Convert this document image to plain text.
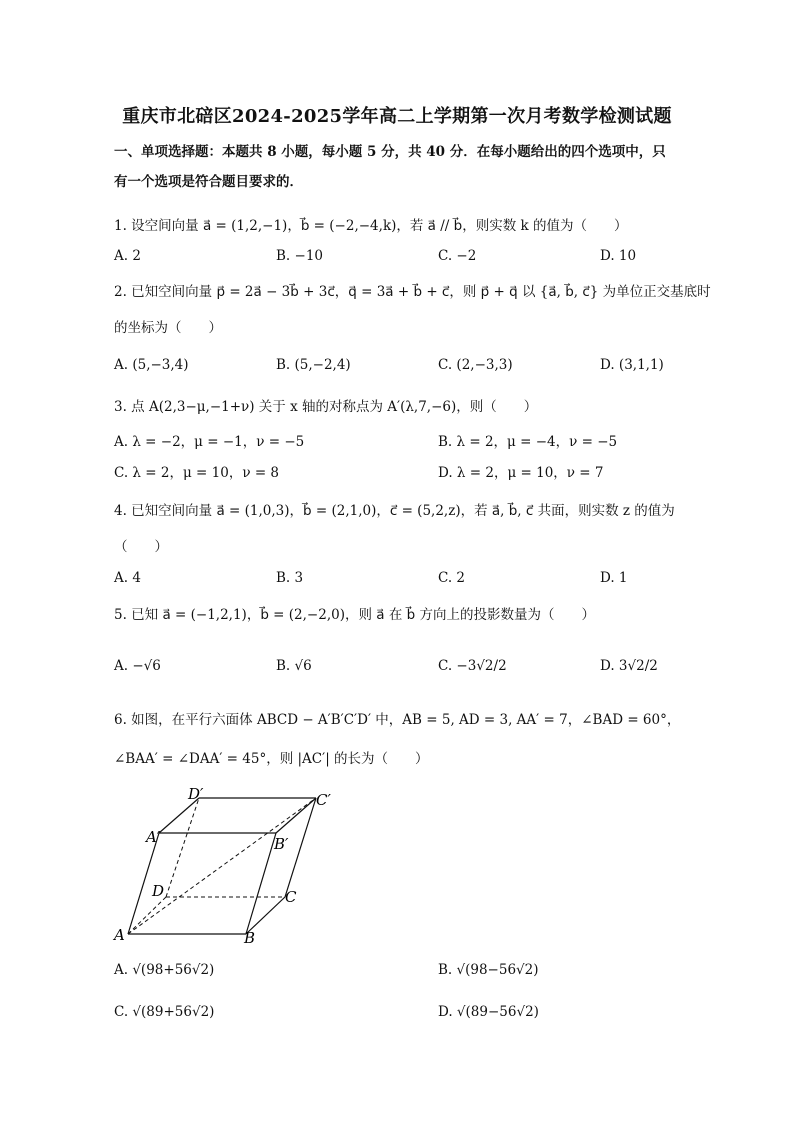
重庆市北碚区2024-2025学年高二上学期第一次月考数学检测试题
一、单项选择题：本题共 8 小题，每小题 5 分，共 40 分．在每小题给出的四个选项中，只
有一个选项是符合题目要求的．
1. 设空间向量 a⃗ = (1,2,−1)，b⃗ = (−2,−4,k)，若 a⃗ // b⃗，则实数 k 的值为（　　）
A. 2	B. −10	C. −2	D. 10
2. 已知空间向量 p⃗ = 2a⃗ − 3b⃗ + 3c⃗，q⃗ = 3a⃗ + b⃗ + c⃗，则 p⃗ + q⃗ 以 {a⃗, b⃗, c⃗} 为单位正交基底时
的坐标为（　　）
A. (5,−3,4)	B. (5,−2,4)	C. (2,−3,3)	D. (3,1,1)
3. 点 A(2,3−μ,−1+ν) 关于 x 轴的对称点为 A′(λ,7,−6)，则（　　）
A. λ = −2，μ = −1，ν = −5	B. λ = 2，μ = −4，ν = −5
C. λ = 2，μ = 10，ν = 8	D. λ = 2，μ = 10，ν = 7
4. 已知空间向量 a⃗ = (1,0,3)，b⃗ = (2,1,0)，c⃗ = (5,2,z)，若 a⃗, b⃗, c⃗ 共面，则实数 z 的值为
（　　）
A. 4	B. 3	C. 2	D. 1
5. 已知 a⃗ = (−1,2,1)，b⃗ = (2,−2,0)，则 a⃗ 在 b⃗ 方向上的投影数量为（　　）
A. −√6	B. √6	C. −3√2/2	D. 3√2/2
6. 如图，在平行六面体 ABCD − A′B′C′D′ 中，AB = 5, AD = 3, AA′ = 7，∠BAD = 60°，
∠BAA′ = ∠DAA′ = 45°，则 |AC′| 的长为（　　）
A	B
C
D
A′	B′
C′
D′
A. √(98+56√2)	B. √(98−56√2)
C. √(89+56√2)	D. √(89−56√2)
